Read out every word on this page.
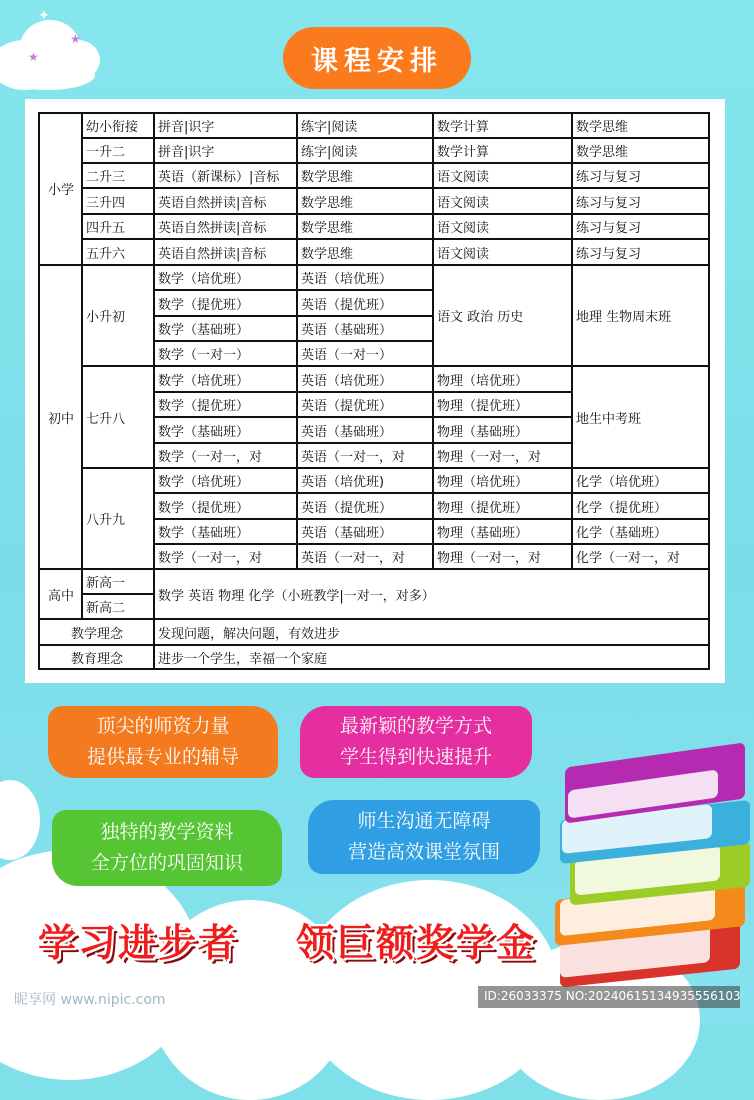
✦
★
★
课程安排
幼小衔接	拼音|识字	练字|阅读	数学计算	数学思维
一升二	拼音|识字	练字|阅读	数学计算	数学思维
二升三	英语（新课标）|音标	数学思维	语文阅读	练习与复习
三升四	英语自然拼读|音标	数学思维	语文阅读	练习与复习
四升五	英语自然拼读|音标	数学思维	语文阅读	练习与复习
五升六	英语自然拼读|音标	数学思维	语文阅读	练习与复习
小学
小升初
数学（培优班）	英语（培优班）
数学（提优班）	英语（提优班）
数学（基础班）	英语（基础班）
数学（一对一）	英语（一对一）
语文 政治 历史	地理 生物周末班
七升八
数学（培优班）	英语（培优班）	物理（培优班）
数学（提优班）	英语（提优班）	物理（提优班）
数学（基础班）	英语（基础班）	物理（基础班）
数学（一对一，对	英语（一对一，对	物理（一对一，对
地生中考班
八升九
数学（培优班）	英语（培优班)	物理（培优班）	化学（培优班）
数学（提优班）	英语（提优班）	物理（提优班）	化学（提优班）
数学（基础班）	英语（基础班）	物理（基础班）	化学（基础班）
数学（一对一，对	英语（一对一，对	物理（一对一，对	化学（一对一，对
初中
高中
新高一
新高二
数学 英语 物理 化学（小班教学|一对一，对多）
教学理念	发现问题，解决问题，有效进步
教育理念	进步一个学生，幸福一个家庭
顶尖的师资力量
提供最专业的辅导
最新颖的教学方式
学生得到快速提升
独特的教学资料
全方位的巩固知识
师生沟通无障碍
营造高效课堂氛围
学习进步者 领巨额奖学金
昵享网 www.nipic.com	ID:26033375 NO:20240615134935556103
